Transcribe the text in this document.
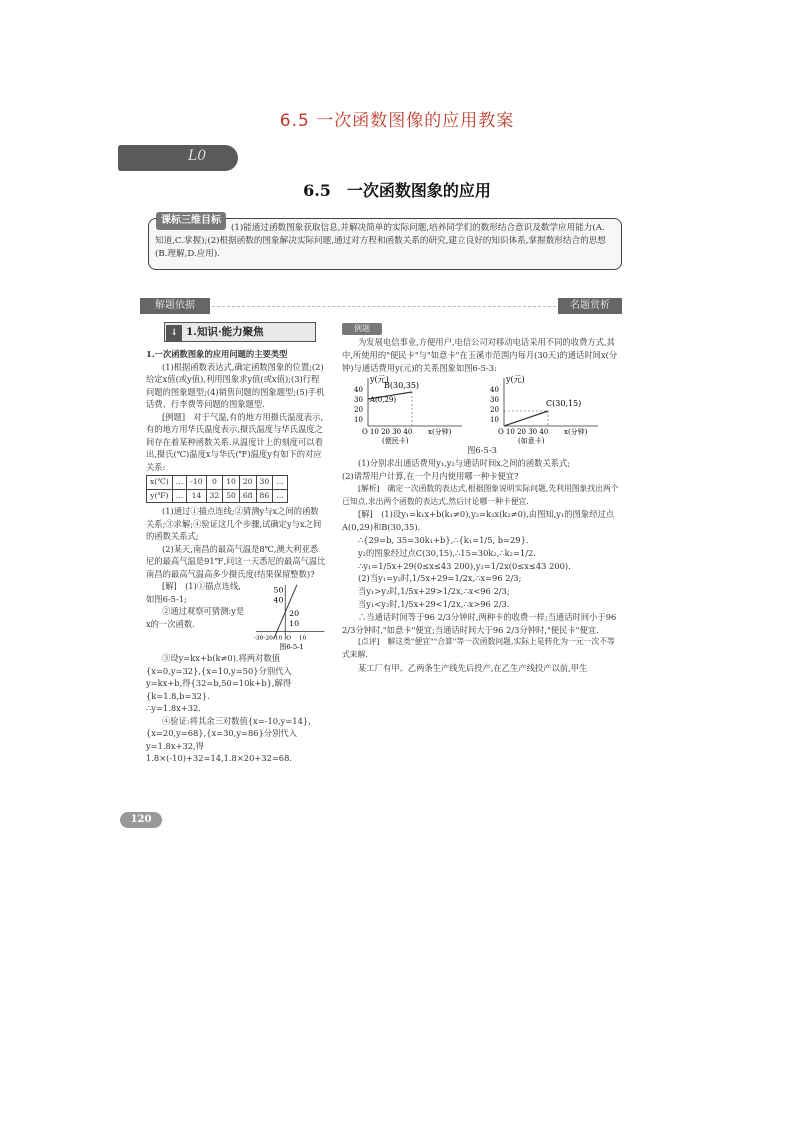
6.5 一次函数图像的应用教案
L0
6.5　一次函数图象的应用
课标三维目标
(1)能通过函数图象获取信息,并解决简单的实际问题,培养同学们的数形结合意识及数学应用能力(A.知道,C.掌握);(2)根据函数的图象解决实际问题,通过对方程和函数关系的研究,建立良好的知识体系,掌握数形结合的思想(B.理解,D.应用).
解题依据	名题赏析
↓ 1.知识·能力聚焦

1.一次函数图象的应用问题的主要类型

(1)根据函数表达式,确定函数图象的位置;(2)给定x值(或y值),利用图象求y值(或x值);(3)行程问题的图象题型;(4)销售问题的图象题型;(5)手机话费、行李费等问题的图象题型.

[例题]　对于气温,有的地方用摄氏温度表示,有的地方用华氏温度表示,摄氏温度与华氏温度之间存在着某种函数关系.从温度计上的刻度可以看出,摄氏(℃)温度x与华氏(℉)温度y有如下的对应关系:

x(℃)	…	-10	0	10	20	30	…
y(℉)	…	14	32	50	68	86	…

(1)通过①描点连线;②猜测y与x之间的函数关系;③求解;④验证这几个步骤,试确定y与x之间的函数关系式;

(2)某天,南昌的最高气温是8℃,澳大利亚悉尼的最高气温是91℉,问这一天悉尼的最高气温比南昌的最高气温高多少摄氏度(结果保留整数)?

[解]　(1)①描点连线,如图6-5-1;

②通过观察可猜测:y是x的一次函数.

50
40
20
10
-30-20-10 O 10
图6-5-1

③设y=kx+b(k≠0).将两对数值{x=0,y=32},{x=10,y=50}分别代入y=kx+b,得{32=b,50=10k+b},解得{k=1.8,b=32}.

∴y=1.8x+32.

④验证:将其余三对数值{x=-10,y=14},{x=20,y=68},{x=30,y=86}分别代入y=1.8x+32,得1.8×(-10)+32=14,1.8×20+32=68.

例题

为发展电信事业,方便用户,电信公司对移动电话采用不同的收费方式,其中,所使用的"便民卡"与"如意卡"在玉溪市范围内每月(30天)的通话时间x(分钟)与通话费用y(元)的关系图象如图6-5-3:

y(元)
B(30,35)
A(0,29)
40
30
20
10
O 10 20 30 40 x(分钟)
(便民卡)
y(元)
C(30,15)
40
30
20
10
O 10 20 30 40 x(分钟)
(如意卡)

图6-5-3

(1)分别求出通话费用y₁,y₂与通话时间x之间的函数关系式;

(2)请帮用户计算,在一个月内使用哪一种卡便宜?

[解析]　确定一次函数的表达式,根据图象说明实际问题,先利用图象找出两个已知点,求出两个函数的表达式,然后讨论哪一种卡便宜.

[解]　(1)设y₁=k₁x+b(k₁≠0),y₂=k₂x(k₂≠0),由图知,y₁的图象经过点A(0,29)和B(30,35).

∴{29=b, 35=30k₁+b},∴{k₁=1/5, b=29}.

y₂的图象经过点C(30,15),∴15=30k₂,∴k₂=1/2.

∴y₁=1/5x+29(0≤x≤43 200),y₂=1/2x(0≤x≤43 200).

(2)当y₁=y₂时,1/5x+29=1/2x,∴x=96 2/3;

当y₁>y₂时,1/5x+29>1/2x,∴x<96 2/3;

当y₁<y₂时,1/5x+29<1/2x,∴x>96 2/3.

∴当通话时间等于96 2/3分钟时,两种卡的收费一样;当通话时间小于96 2/3分钟时,"如意卡"便宜;当通话时间大于96 2/3分钟时,"便民卡"便宜.

[点评]　解这类"便宜""合算"等一次函数问题,实际上是转化为一元一次不等式来解.

某工厂有甲、乙两条生产线先后投产,在乙生产线投产以前,甲生

120
